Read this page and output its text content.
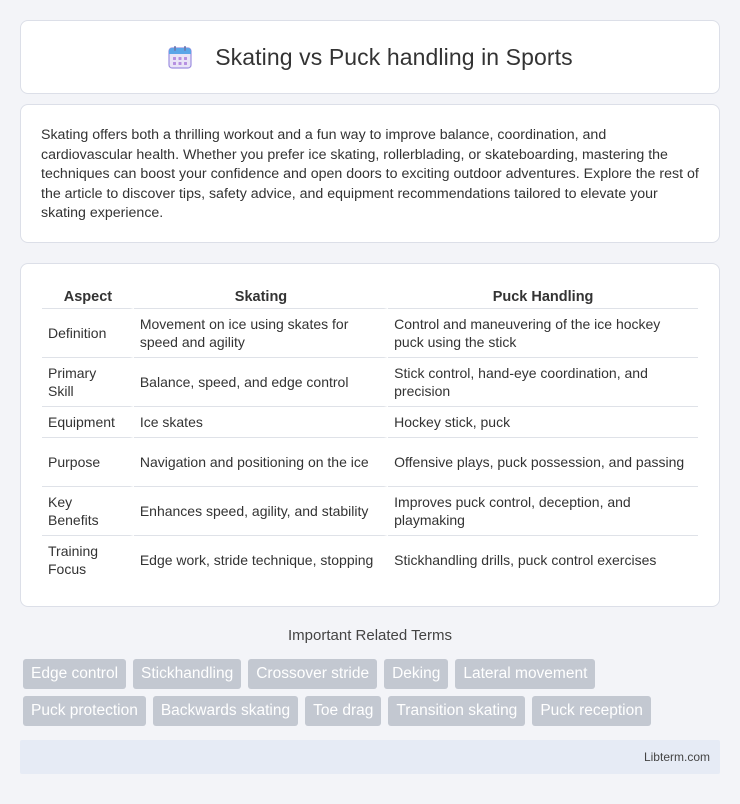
Skating vs Puck handling in Sports

Skating offers both a thrilling workout and a fun way to improve balance, coordination, and cardiovascular health. Whether you prefer ice skating, rollerblading, or skateboarding, mastering the techniques can boost your confidence and open doors to exciting outdoor adventures. Explore the rest of the article to discover tips, safety advice, and equipment recommendations tailored to elevate your skating experience.

Aspect	Skating	Puck Handling
Definition	Movement on ice using skates for speed and agility	Control and maneuvering of the ice hockey puck using the stick
Primary Skill	Balance, speed, and edge control	Stick control, hand-eye coordination, and precision
Equipment	Ice skates	Hockey stick, puck
Purpose	Navigation and positioning on the ice	Offensive plays, puck possession, and passing
Key Benefits	Enhances speed, agility, and stability	Improves puck control, deception, and playmaking
Training Focus	Edge work, stride technique, stopping	Stickhandling drills, puck control exercises
Important Related Terms
Edge control	Stickhandling	Crossover stride	Deking	Lateral movement
Puck protection	Backwards skating	Toe drag	Transition skating	Puck reception
Libterm.com
